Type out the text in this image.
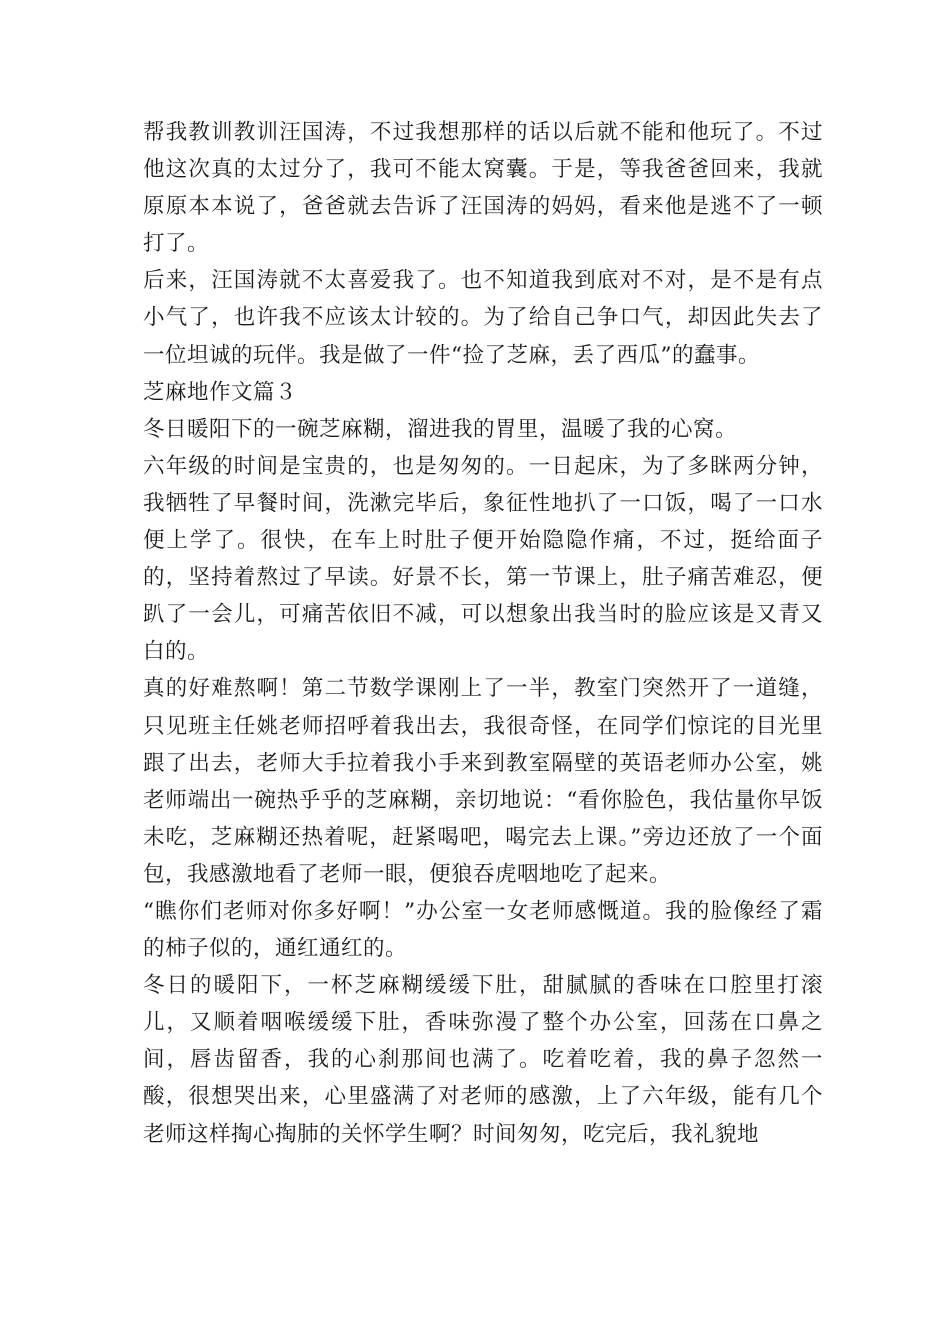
帮我教训教训汪国涛，不过我想那样的话以后就不能和他玩了。不过他这次真的太过分了，我可不能太窝囊。于是，等我爸爸回来，我就原原本本说了，爸爸就去告诉了汪国涛的妈妈，看来他是逃不了一顿打了。

后来，汪国涛就不太喜爱我了。也不知道我到底对不对，是不是有点小气了，也许我不应该太计较的。为了给自己争口气，却因此失去了一位坦诚的玩伴。我是做了一件“捡了芝麻，丢了西瓜”的蠢事。

芝麻地作文篇３

冬日暖阳下的一碗芝麻糊，溜进我的胃里，温暖了我的心窝。

六年级的时间是宝贵的，也是匆匆的。一日起床，为了多眯两分钟，我牺牲了早餐时间，洗漱完毕后，象征性地扒了一口饭，喝了一口水便上学了。很快，在车上时肚子便开始隐隐作痛，不过，挺给面子的，坚持着熬过了早读。好景不长，第一节课上，肚子痛苦难忍，便趴了一会儿，可痛苦依旧不减，可以想象出我当时的脸应该是又青又白的。

真的好难熬啊！第二节数学课刚上了一半，教室门突然开了一道缝，只见班主任姚老师招呼着我出去，我很奇怪，在同学们惊诧的目光里跟了出去，老师大手拉着我小手来到教室隔壁的英语老师办公室，姚老师端出一碗热乎乎的芝麻糊，亲切地说：“看你脸色，我估量你早饭未吃，芝麻糊还热着呢，赶紧喝吧，喝完去上课。”旁边还放了一个面包，我感激地看了老师一眼，便狼吞虎咽地吃了起来。

“瞧你们老师对你多好啊！”办公室一女老师感慨道。我的脸像经了霜的柿子似的，通红通红的。

冬日的暖阳下，一杯芝麻糊缓缓下肚，甜腻腻的香味在口腔里打滚儿，又顺着咽喉缓缓下肚，香味弥漫了整个办公室，回荡在口鼻之间，唇齿留香，我的心刹那间也满了。吃着吃着，我的鼻子忽然一酸，很想哭出来，心里盛满了对老师的感激，上了六年级，能有几个老师这样掏心掏肺的关怀学生啊？时间匆匆，吃完后，我礼貌地
